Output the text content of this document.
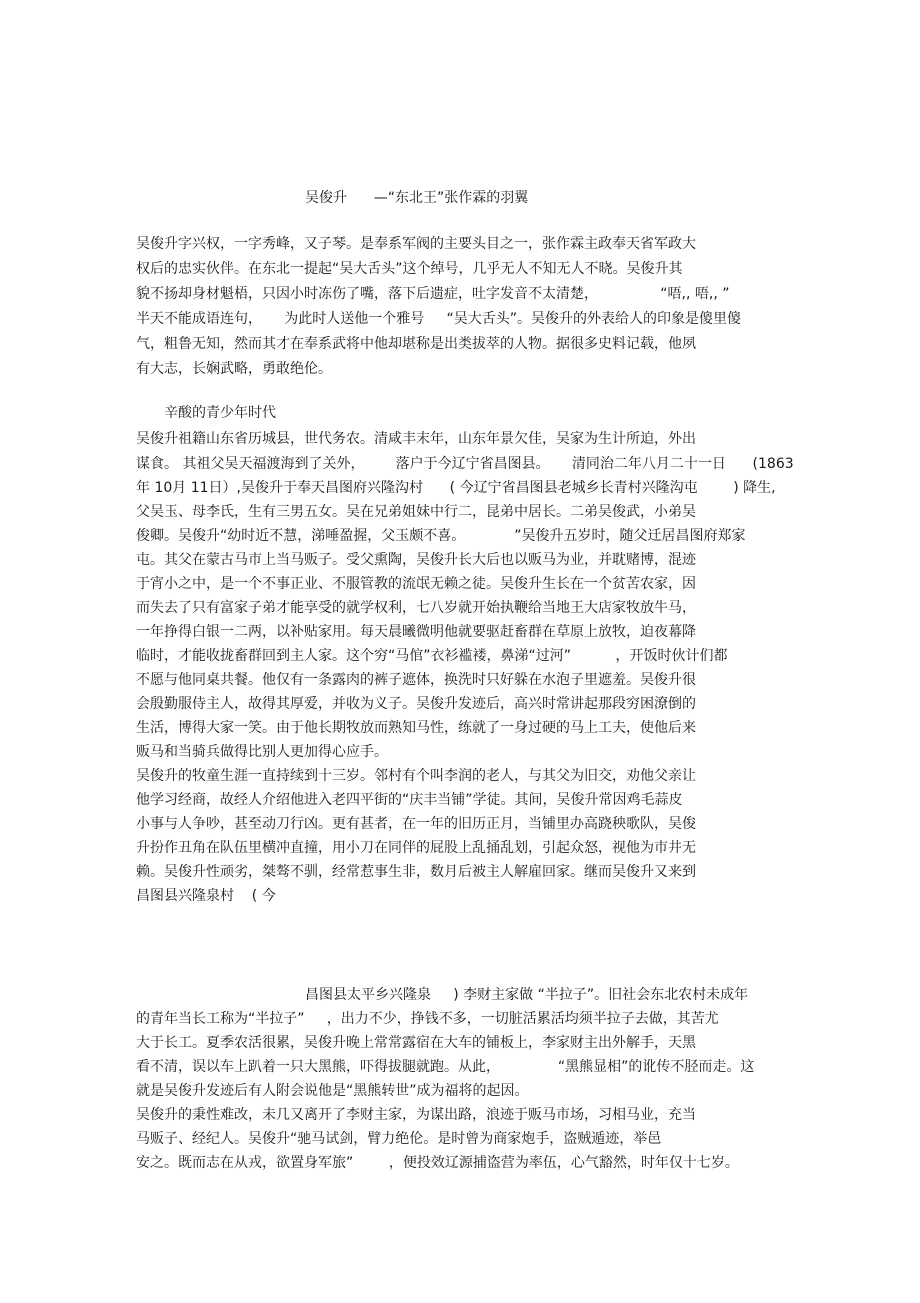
吴俊升      —“东北王”张作霖的羽翼
吴俊升字兴权，一字秀峰，又子琴。是奉系军阀的主要头目之一，张作霖主政奉天省军政大
权后的忠实伙伴。在东北一提起“吴大舌头”这个绰号，几乎无人不知无人不晓。吴俊升其
貌不扬却身材魁梧，只因小时冻伤了嘴，落下后遗症，吐字发音不太清楚，              “唔,, 唔,, ”
半天不能成语连句，     为此时人送他一个雅号     “吴大舌头”。吴俊升的外表给人的印象是傻里傻
气，粗鲁无知，然而其才在奉系武将中他却堪称是出类拔萃的人物。据很多史料记载，他夙
有大志，长娴武略，勇敢绝伦。
辛酸的青少年时代
吴俊升祖籍山东省历城县，世代务农。清咸丰末年，山东年景欠佳，吴家为生计所迫，外出
谋食。 其祖父吴天福渡海到了关外，       落户于今辽宁省昌图县。     清同治二年八月二十一日      (1863
年 10月 11日）,吴俊升于奉天昌图府兴隆沟村      ( 今辽宁省昌图县老城乡长青村兴隆沟屯        ) 降生,
父吴玉、母李氏，生有三男五女。吴在兄弟姐妹中行二，昆弟中居长。二弟吴俊武，小弟吴
俊卿。吴俊升“幼时近不慧，涕唾盈握，父玉颇不喜。           ”吴俊升五岁时，随父迁居昌图府郑家
屯。其父在蒙古马市上当马贩子。受父熏陶，吴俊升长大后也以贩马为业，并耽赌博，混迹
于宵小之中，是一个不事正业、不服管教的流氓无赖之徒。吴俊升生长在一个贫苦农家，因
而失去了只有富家子弟才能享受的就学权利，七八岁就开始执鞭给当地王大店家牧放牛马，
一年挣得白银一二两，以补贴家用。每天晨曦微明他就要驱赶畜群在草原上放牧，迫夜幕降
临时，才能收拢畜群回到主人家。这个穷“马倌”衣衫褴褛，鼻涕“过河”          ，开饭时伙计们都
不愿与他同桌共餐。他仅有一条露肉的裤子遮体，换洗时只好躲在水泡子里遮羞。吴俊升很
会殷勤服侍主人，故得其厚爱，并收为义子。吴俊升发迹后，高兴时常讲起那段穷困潦倒的
生活，博得大家一笑。由于他长期牧放而熟知马性，练就了一身过硬的马上工夫，使他后来
贩马和当骑兵做得比别人更加得心应手。
吴俊升的牧童生涯一直持续到十三岁。邻村有个叫李润的老人，与其父为旧交，劝他父亲让
他学习经商，故经人介绍他进入老四平街的“庆丰当铺”学徒。其间，吴俊升常因鸡毛蒜皮
小事与人争吵，甚至动刀行凶。更有甚者，在一年的旧历正月，当铺里办高跷秧歌队，吴俊
升扮作丑角在队伍里横冲直撞，用小刀在同伴的屁股上乱捅乱划，引起众怒，视他为市井无
赖。吴俊升性顽劣，桀骜不驯，经常惹事生非，数月后被主人解雇回家。继而吴俊升又来到
昌图县兴隆泉村    ( 今
昌图县太平乡兴隆泉     ) 李财主家做 “半拉子”。旧社会东北农村未成年
的青年当长工称为“半拉子”     ，出力不少，挣钱不多，一切脏活累活均须半拉子去做，其苦尤
大于长工。夏季农活很累，吴俊升晚上常常露宿在大车的铺板上，李家财主出外解手，天黑
看不清，误以车上趴着一只大黑熊，吓得拔腿就跑。从此，             “黑熊显相”的讹传不胫而走。这
就是吴俊升发迹后有人附会说他是“黑熊转世”成为福将的起因。
吴俊升的秉性难改，未几又离开了李财主家，为谋出路，浪迹于贩马市场，习相马业，充当
马贩子、经纪人。吴俊升“驰马试剑，臂力绝伦。是时曾为商家炮手，盗贼遁迹，举邑
安之。既而志在从戎，欲置身军旅”        ，便投效辽源捕盗营为率伍，心气豁然，时年仅十七岁。
